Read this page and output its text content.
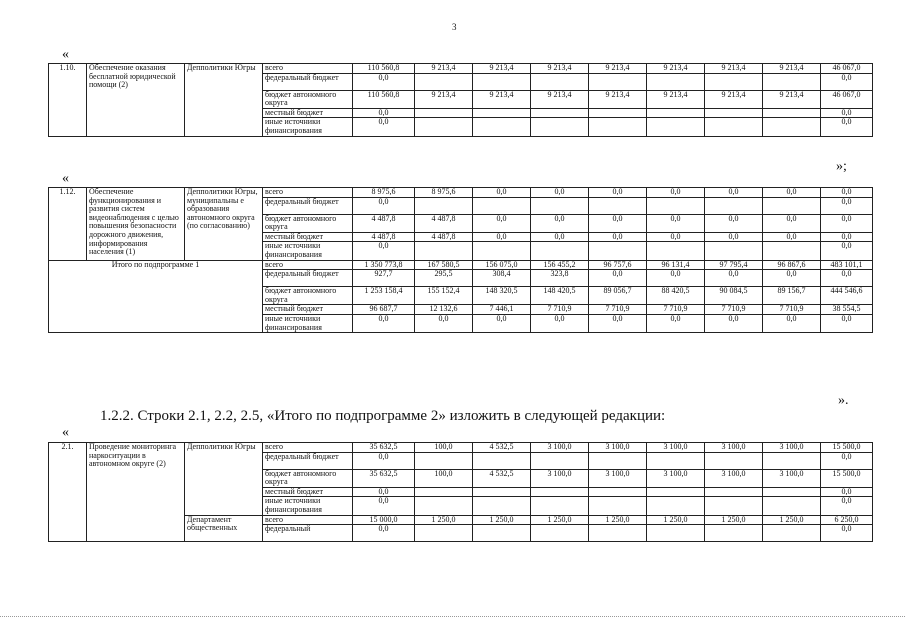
3
«
1.10.	Обеспечение оказания бесплатной юридической помощи (2)	Депполитики Югры	всего	110 560,8	9 213,4	9 213,4	9 213,4	9 213,4	9 213,4	9 213,4	9 213,4	46 067,0
			федеральный бюджет	0,0								0,0
			бюджет автономного округа	110 560,8	9 213,4	9 213,4	9 213,4	9 213,4	9 213,4	9 213,4	9 213,4	46 067,0
			местный бюджет	0,0								0,0
			иные источники финансирования	0,0								0,0
»;
«
1.12.	Обеспечение функционирования и развития систем видеонаблюдения с целью повышения безопасности дорожного движения, информирования населения (1)	Депполитики Югры, муниципальны е образования автономного округа (по согласованию)	всего	8 975,6	8 975,6	0,0	0,0	0,0	0,0	0,0	0,0	0,0
			федеральный бюджет	0,0								0,0
			бюджет автономного округа	4 487,8	4 487,8	0,0	0,0	0,0	0,0	0,0	0,0	0,0
			местный бюджет	4 487,8	4 487,8	0,0	0,0	0,0	0,0	0,0	0,0	0,0
			иные источники финансирования	0,0								0,0
Итого по подпрограмме 1			всего	1 350 773,8	167 580,5	156 075,0	156 455,2	96 757,6	96 131,4	97 795,4	96 867,6	483 101,1
			федеральный бюджет	927,7	295,5	308,4	323,8	0,0	0,0	0,0	0,0	0,0
			бюджет автономного округа	1 253 158,4	155 152,4	148 320,5	148 420,5	89 056,7	88 420,5	90 084,5	89 156,7	444 546,6
			местный бюджет	96 687,7	12 132,6	7 446,1	7 710,9	7 710,9	7 710,9	7 710,9	7 710,9	38 554,5
			иные источники финансирования	0,0	0,0	0,0	0,0	0,0	0,0	0,0	0,0	0,0
».
1.2.2. Строки 2.1, 2.2, 2.5, «Итого по подпрограмме 2» изложить в следующей редакции:
«
2.1.	Проведение мониторинга наркоситуации в автономном округе (2)	Депполитики Югры	всего	35 632,5	100,0	4 532,5	3 100,0	3 100,0	3 100,0	3 100,0	3 100,0	15 500,0
			федеральный бюджет	0,0								0,0
			бюджет автономного округа	35 632,5	100,0	4 532,5	3 100,0	3 100,0	3 100,0	3 100,0	3 100,0	15 500,0
			местный бюджет	0,0								0,0
			иные источники финансирования	0,0								0,0
		Департамент общественных	всего	15 000,0	1 250,0	1 250,0	1 250,0	1 250,0	1 250,0	1 250,0	1 250,0	6 250,0
			федеральный	0,0								0,0
